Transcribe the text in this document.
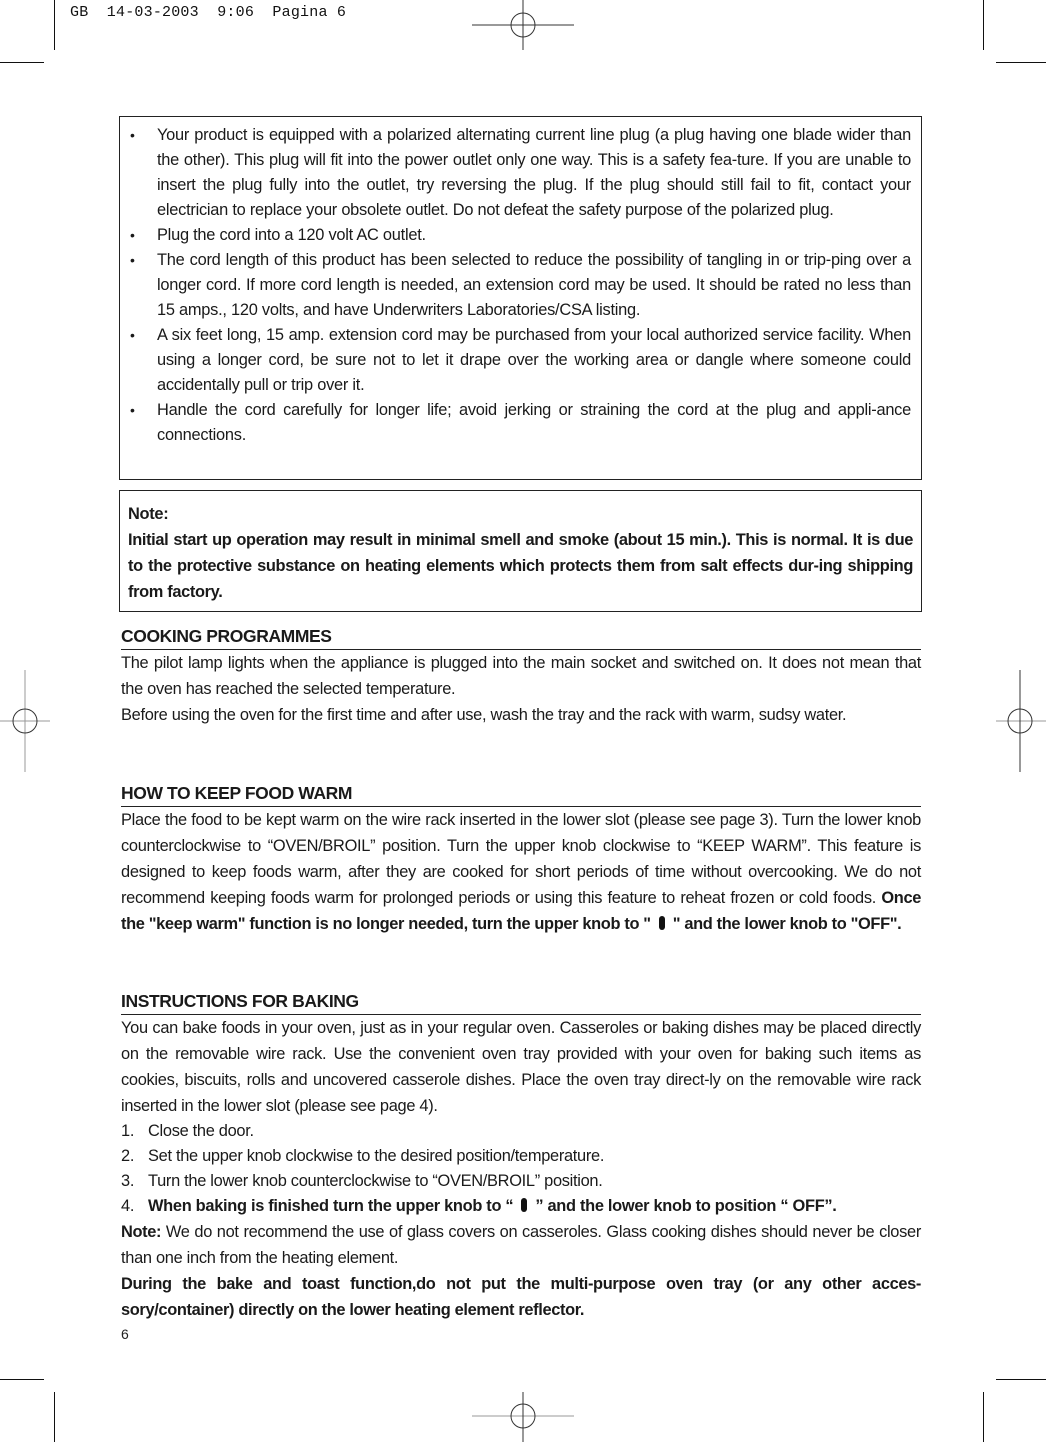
GB  14-03-2003  9:06  Pagina 6
• Your product is equipped with a polarized alternating current line plug (a plug having one blade wider than the other). This plug will fit into the power outlet only one way. This is a safety fea-ture. If you are unable to insert the plug fully into the outlet, try reversing the plug. If the plug should still fail to fit, contact your electrician to replace your obsolete outlet. Do not defeat the safety purpose of the polarized plug.
• Plug the cord into a 120 volt AC outlet.
• The cord length of this product has been selected to reduce the possibility of tangling in or trip-ping over a longer cord. If more cord length is needed, an extension cord may be used. It should be rated no less than 15 amps., 120 volts, and have Underwriters Laboratories/CSA listing.
• A six feet long, 15 amp. extension cord may be purchased from your local authorized service facility. When using a longer cord, be sure not to let it drape over the working area or dangle where someone could accidentally pull or trip over it.
• Handle the cord carefully for longer life; avoid jerking or straining the cord at the plug and appli-ance connections.
Note:
Initial start up operation may result in minimal smell and smoke (about 15 min.). This is normal. It is due to the protective substance on heating elements which protects them from salt effects dur-ing shipping from factory.
COOKING PROGRAMMES

The pilot lamp lights when the appliance is plugged into the main socket and switched on. It does not mean that the oven has reached the selected temperature.

Before using the oven for the first time and after use, wash the tray and the rack with warm, sudsy water.

HOW TO KEEP FOOD WARM

Place the food to be kept warm on the wire rack inserted in the lower slot (please see page 3). Turn the lower knob counterclockwise to “OVEN/BROIL” position. Turn the upper knob clockwise to “KEEP WARM”. This feature is designed to keep foods warm, after they are cooked for short periods of time without overcooking. We do not recommend keeping foods warm for prolonged periods or using this feature to reheat frozen or cold foods. Once the "keep warm" function is no longer needed, turn the upper knob to " " and the lower knob to "OFF".

INSTRUCTIONS FOR BAKING

You can bake foods in your oven, just as in your regular oven. Casseroles or baking dishes may be placed directly on the removable wire rack. Use the convenient oven tray provided with your oven for baking such items as cookies, biscuits, rolls and uncovered casserole dishes. Place the oven tray direct-ly on the removable wire rack inserted in the lower slot (please see page 4).

1. Close the door.
2. Set the upper knob clockwise to the desired position/temperature.
3. Turn the lower knob counterclockwise to “OVEN/BROIL” position.
4. When baking is finished turn the upper knob to “ ” and the lower knob to position “ OFF”.

Note: We do not recommend the use of glass covers on casseroles. Glass cooking dishes should never be closer than one inch from the heating element.

During the bake and toast function,do not put the multi-purpose oven tray (or any other acces-sory/container) directly on the lower heating element reflector.

6
